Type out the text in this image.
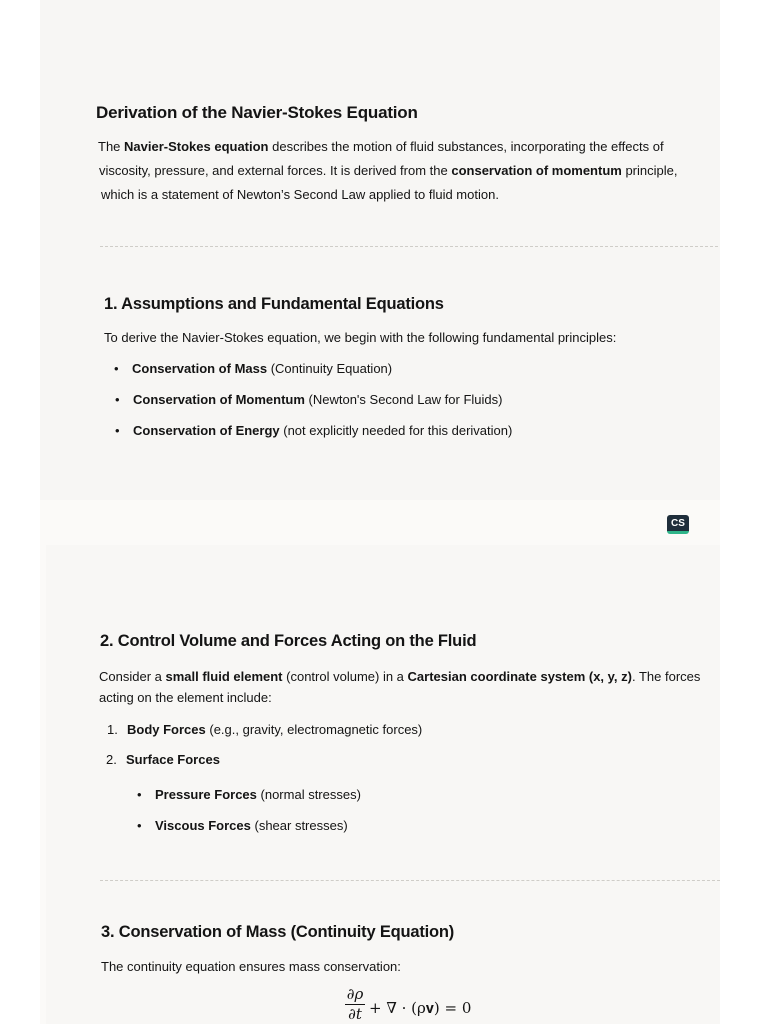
Derivation of the Navier-Stokes Equation

The Navier-Stokes equation describes the motion of fluid substances, incorporating the effects of

viscosity, pressure, and external forces. It is derived from the conservation of momentum principle,

which is a statement of Newton’s Second Law applied to fluid motion.

1. Assumptions and Fundamental Equations

To derive the Navier-Stokes equation, we begin with the following fundamental principles:

• Conservation of Mass (Continuity Equation)
• Conservation of Momentum (Newton's Second Law for Fluids)
• Conservation of Energy (not explicitly needed for this derivation)
CS
2. Control Volume and Forces Acting on the Fluid

Consider a small fluid element (control volume) in a Cartesian coordinate system (x, y, z). The forces

acting on the element include:

1. Body Forces (e.g., gravity, electromagnetic forces)
2. Surface Forces
• Pressure Forces (normal stresses)
• Viscous Forces (shear stresses)
3. Conservation of Mass (Continuity Equation)

The continuity equation ensures mass conservation:

∂ρ
∂t + ∇ · (ρ𝐯) = 0
